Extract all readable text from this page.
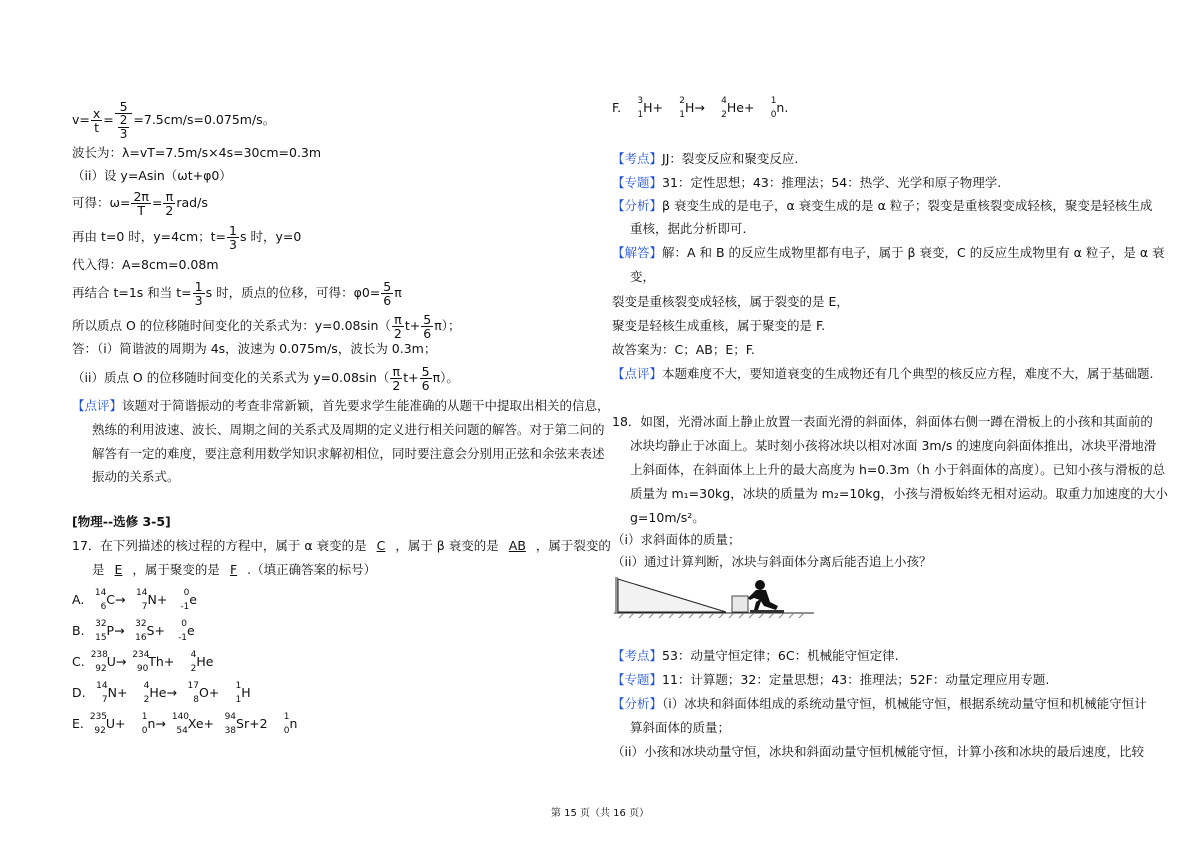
$v= \frac{x}{t} = \frac{5}{\frac{2}{3}} =7.5cm/s=0.075m/s$。
波长为：λ=vT=7.5m/s×4s=30cm=0.3m
（ii）设 y=Asin（ωt+φ0）
可得：$\omega= \frac{2\pi}{T} = \frac{\pi}{2} rad/s$
再由 t=0 时，y=4cm；$t= \frac{1}{3}$ s 时，y=0
代入得：A=8cm=0.08m
再结合 t=1s 和当 $t= \frac{1}{3}$ s 时，质点的位移，可得：$\varphi 0= \frac{5}{6}$ π
所以质点 O 的位移随时间变化的关系式为：$y=0.08\sin( \frac{\pi}{2} t+ \frac{5}{6} \pi)$；
答：（i）简谐波的周期为 4s，波速为 0.075m/s，波长为 0.3m；
（ii）质点 O 的位移随时间变化的关系式为 $y=0.08\sin( \frac{\pi}{2} t+ \frac{5}{6} \pi)$。
【点评】该题对于简谐振动的考查非常新颖，首先要求学生能准确的从题干中提取出相关的信息，
熟练的利用波速、波长、周期之间的关系式及周期的定义进行相关问题的解答。对于第二问的
解答有一定的难度，要注意利用数学知识求解初相位，同时要注意会分别用正弦和余弦来表述
振动的关系式。
[物理--选修 3-5]
17．在下列描述的核过程的方程中，属于 α 衰变的是 C ，属于 β 衰变的是 AB ，属于裂变的
是 E ，属于聚变的是 F .（填正确答案的标号）
A.	14
6 C→	14
7 N+	0
-1 e
B.	32
15 P→	32
16 S+	0
-1 e
C. 238
92 U→ 234
90 Th+	4
2 He
D.	14
7 N+	4
2 He→	17
8 O+	1
1 H
E. 235
92 U+	1
0 n→ 140
54 Xe+	94
38 Sr+2	1
0 n
F.	3
1 H+	2
1 H→	4
2 He+	1
0 n.
【考点】JJ：裂变反应和聚变反应.
【专题】31：定性思想；43：推理法；54：热学、光学和原子物理学.
【分析】β 衰变生成的是电子，α 衰变生成的是 α 粒子；裂变是重核裂变成轻核，聚变是轻核生成
重核，据此分析即可.
【解答】解：A 和 B 的反应生成物里都有电子，属于 β 衰变，C 的反应生成物里有 α 粒子，是 α 衰
变，
裂变是重核裂变成轻核，属于裂变的是 E，
聚变是轻核生成重核，属于聚变的是 F.
故答案为：C；AB；E；F.
【点评】本题难度不大，要知道衰变的生成物还有几个典型的核反应方程，难度不大，属于基础题.
18．如图，光滑冰面上静止放置一表面光滑的斜面体，斜面体右侧一蹲在滑板上的小孩和其面前的
冰块均静止于冰面上。某时刻小孩将冰块以相对冰面 3m/s 的速度向斜面体推出，冰块平滑地滑
上斜面体，在斜面体上上升的最大高度为 h=0.3m（h 小于斜面体的高度）。已知小孩与滑板的总
质量为 m₁=30kg，冰块的质量为 m₂=10kg，小孩与滑板始终无相对运动。取重力加速度的大小
g=10m/s²。
（i）求斜面体的质量；
（ii）通过计算判断，冰块与斜面体分离后能否追上小孩？
【考点】53：动量守恒定律；6C：机械能守恒定律.
【专题】11：计算题；32：定量思想；43：推理法；52F：动量定理应用专题.
【分析】（i）冰块和斜面体组成的系统动量守恒，机械能守恒，根据系统动量守恒和机械能守恒计
算斜面体的质量；
（ii）小孩和冰块动量守恒，冰块和斜面动量守恒机械能守恒，计算小孩和冰块的最后速度，比较
第 15 页（共 16 页）
